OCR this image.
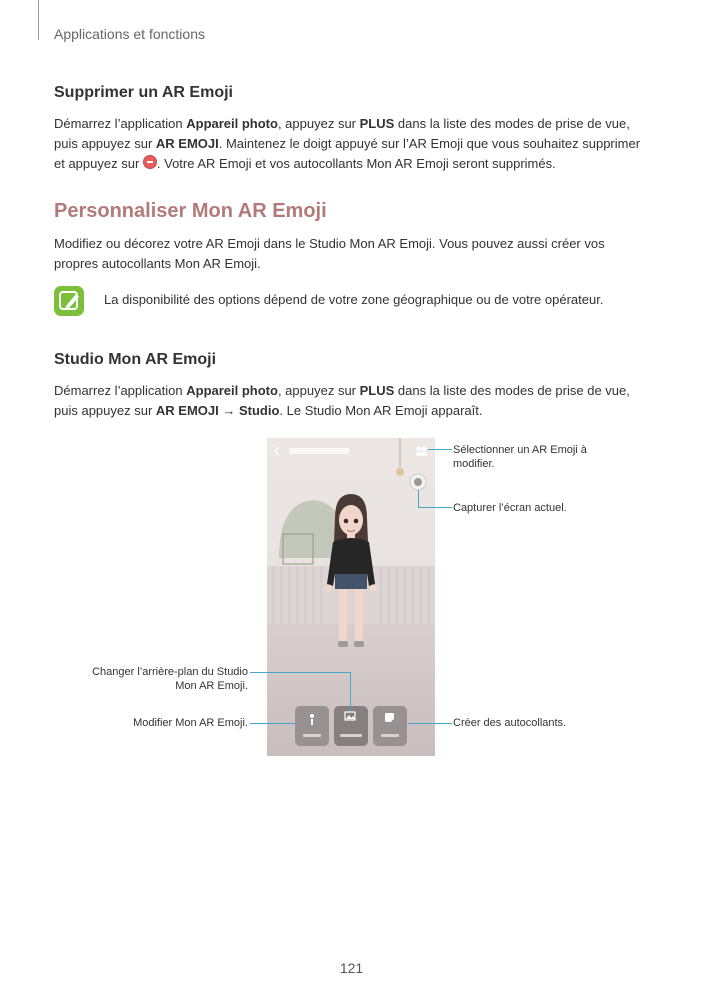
Applications et fonctions
Supprimer un AR Emoji
Démarrez l’application Appareil photo, appuyez sur PLUS dans la liste des modes de prise de vue,
puis appuyez sur AR EMOJI. Maintenez le doigt appuyé sur l’AR Emoji que vous souhaitez supprimer
et appuyez sur . Votre AR Emoji et vos autocollants Mon AR Emoji seront supprimés.
Personnaliser Mon AR Emoji
Modifiez ou décorez votre AR Emoji dans le Studio Mon AR Emoji. Vous pouvez aussi créer vos
propres autocollants Mon AR Emoji.
La disponibilité des options dépend de votre zone géographique ou de votre opérateur.
Studio Mon AR Emoji
Démarrez l’application Appareil photo, appuyez sur PLUS dans la liste des modes de prise de vue,
puis appuyez sur AR EMOJI → Studio. Le Studio Mon AR Emoji apparaît.
Sélectionner un AR Emoji à
modifier.
Capturer l’écran actuel.
Changer l’arrière-plan du Studio
Mon AR Emoji.
Modifier Mon AR Emoji.	Créer des autocollants.
121
